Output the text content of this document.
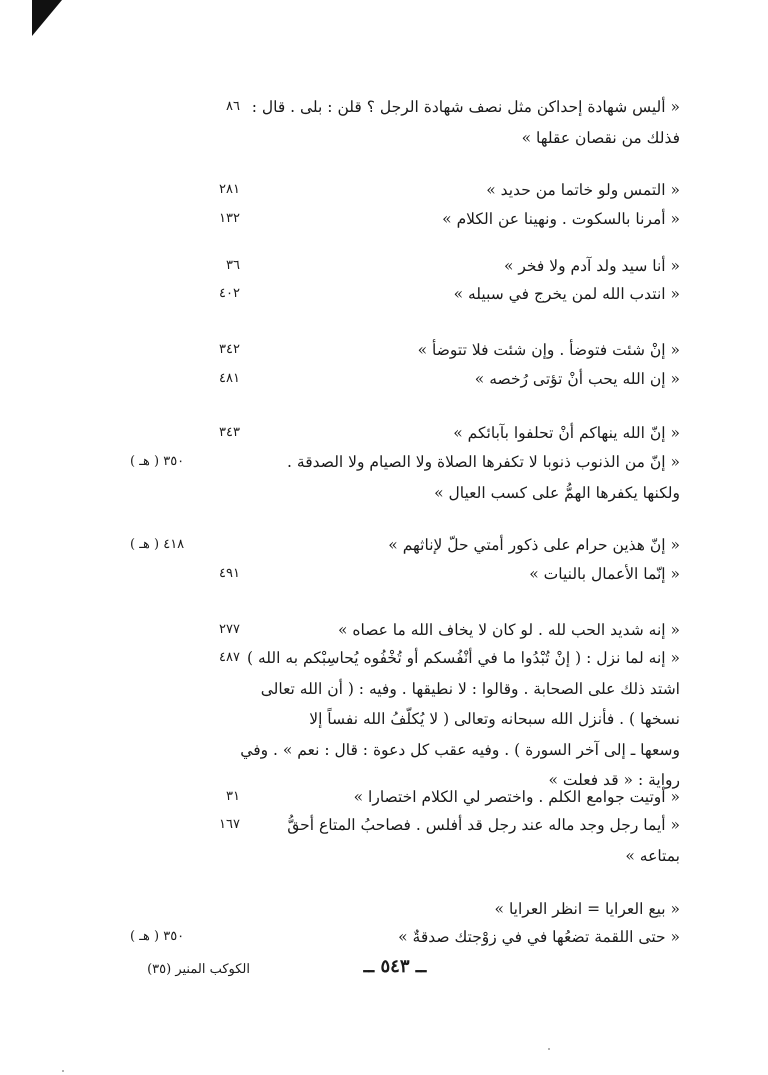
« أليس شهادة إحداكن مثل نصف شهادة الرجل ؟ قلن : بلى . قال :
فذلك من نقصان عقلها »
٨٦
« التمس ولو خاتما من حديد »
٢٨١
« أمرنا بالسكوت . ونهينا عن الكلام »
١٣٢
« أنا سيد ولد آدم ولا فخر »
٣٦
« انتدب الله لمن يخرج في سبيله »
٤٠٢
« إنْ شئت فتوضأ . وإن شئت فلا تتوضأ »
٣٤٢
« إن الله يحب أنْ تؤتى رُخصه »
٤٨١
« إنّ الله ينهاكم أنْ تحلفوا بآبائكم »
٣٤٣
« إنّ من الذنوب ذنوبا لا تكفرها الصلاة ولا الصيام ولا الصدقة .
ولكنها يكفرها الهمُّ على كسب العيال »
٣٥٠ ( هـ )
« إنّ هذين حرام على ذكور أمتي حلّ لإناثهم »
٤١٨ ( هـ )
« إنّما الأعمال بالنيات »
٤٩١
« إنه شديد الحب لله . لو كان لا يخاف الله ما عصاه »
٢٧٧
« إنه لما نزل : ( إنْ تُبْدُوا ما في أنْفُسكم أو تُخْفُوه يُحاسِبْكم به الله )
اشتد ذلك على الصحابة . وقالوا : لا نطيقها . وفيه : ( أن الله تعالى
نسخها ) . فأنزل الله سبحانه وتعالى ( لا يُكلّفُ الله نفساً إلا
وسعها ـ إلى آخر السورة ) . وفيه عقب كل دعوة : قال : نعم » . وفي
رواية : « قد فعلت »
٤٨٧
« أوتيت جوامع الكلم . واختصر لي الكلام اختصارا »
٣١
« أيما رجل وجد ماله عند رجل قد أفلس . فصاحبُ المتاع أحقُّ
بمتاعه »
١٦٧
« بيع العرايا = انظر العرايا »
« حتى اللقمة تضعُها في في زوْجتك صدقةٌ »
٣٥٠ ( هـ )
الكوكب المنير (٣٥)	ــ ٥٤٣ ــ
